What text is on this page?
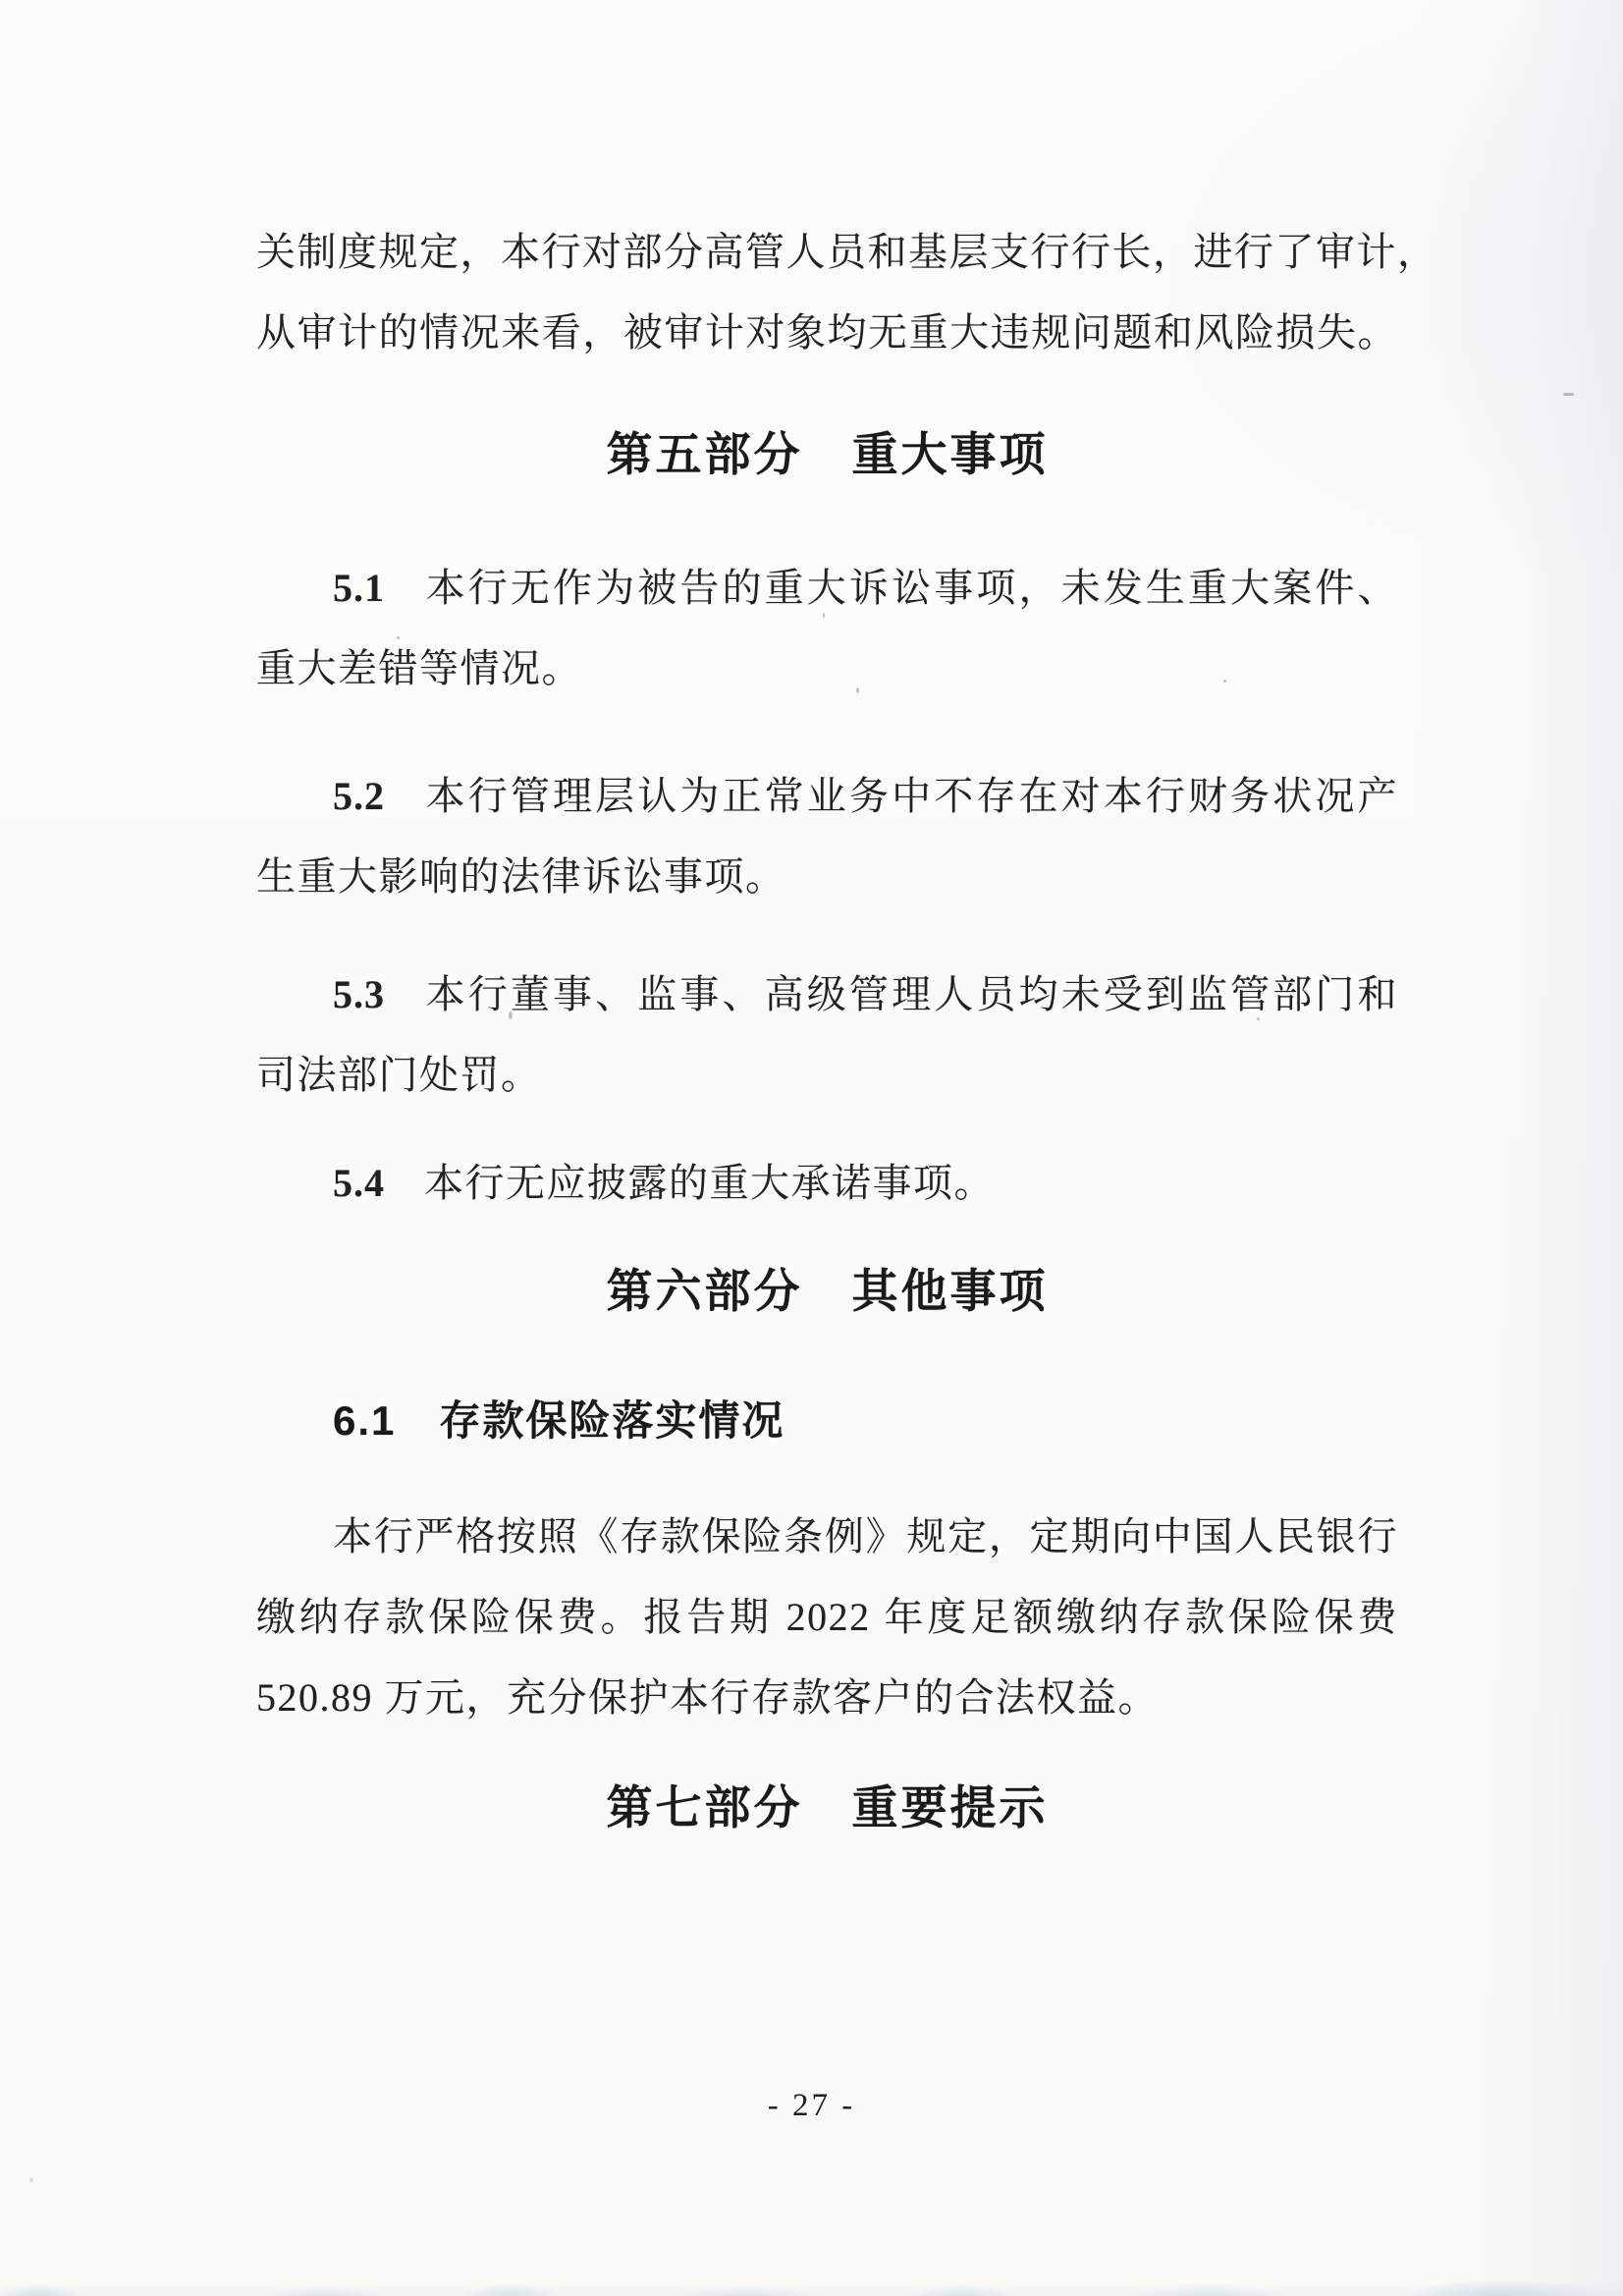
关制度规定，本行对部分高管人员和基层支行行长，进行了审计，
从审计的情况来看，被审计对象均无重大违规问题和风险损失。
第五部分　重大事项
5.1 本行无作为被告的重大诉讼事项，未发生重大案件、
重大差错等情况。
5.2 本行管理层认为正常业务中不存在对本行财务状况产
生重大影响的法律诉讼事项。
5.3 本行董事、监事、高级管理人员均未受到监管部门和
司法部门处罚。
5.4 本行无应披露的重大承诺事项。
第六部分　其他事项
6.1　存款保险落实情况
本行严格按照《存款保险条例》规定，定期向中国人民银行
缴纳存款保险保费。报告期 2022 年度足额缴纳存款保险保费
520.89 万元，充分保护本行存款客户的合法权益。
第七部分　重要提示
- 27 -
